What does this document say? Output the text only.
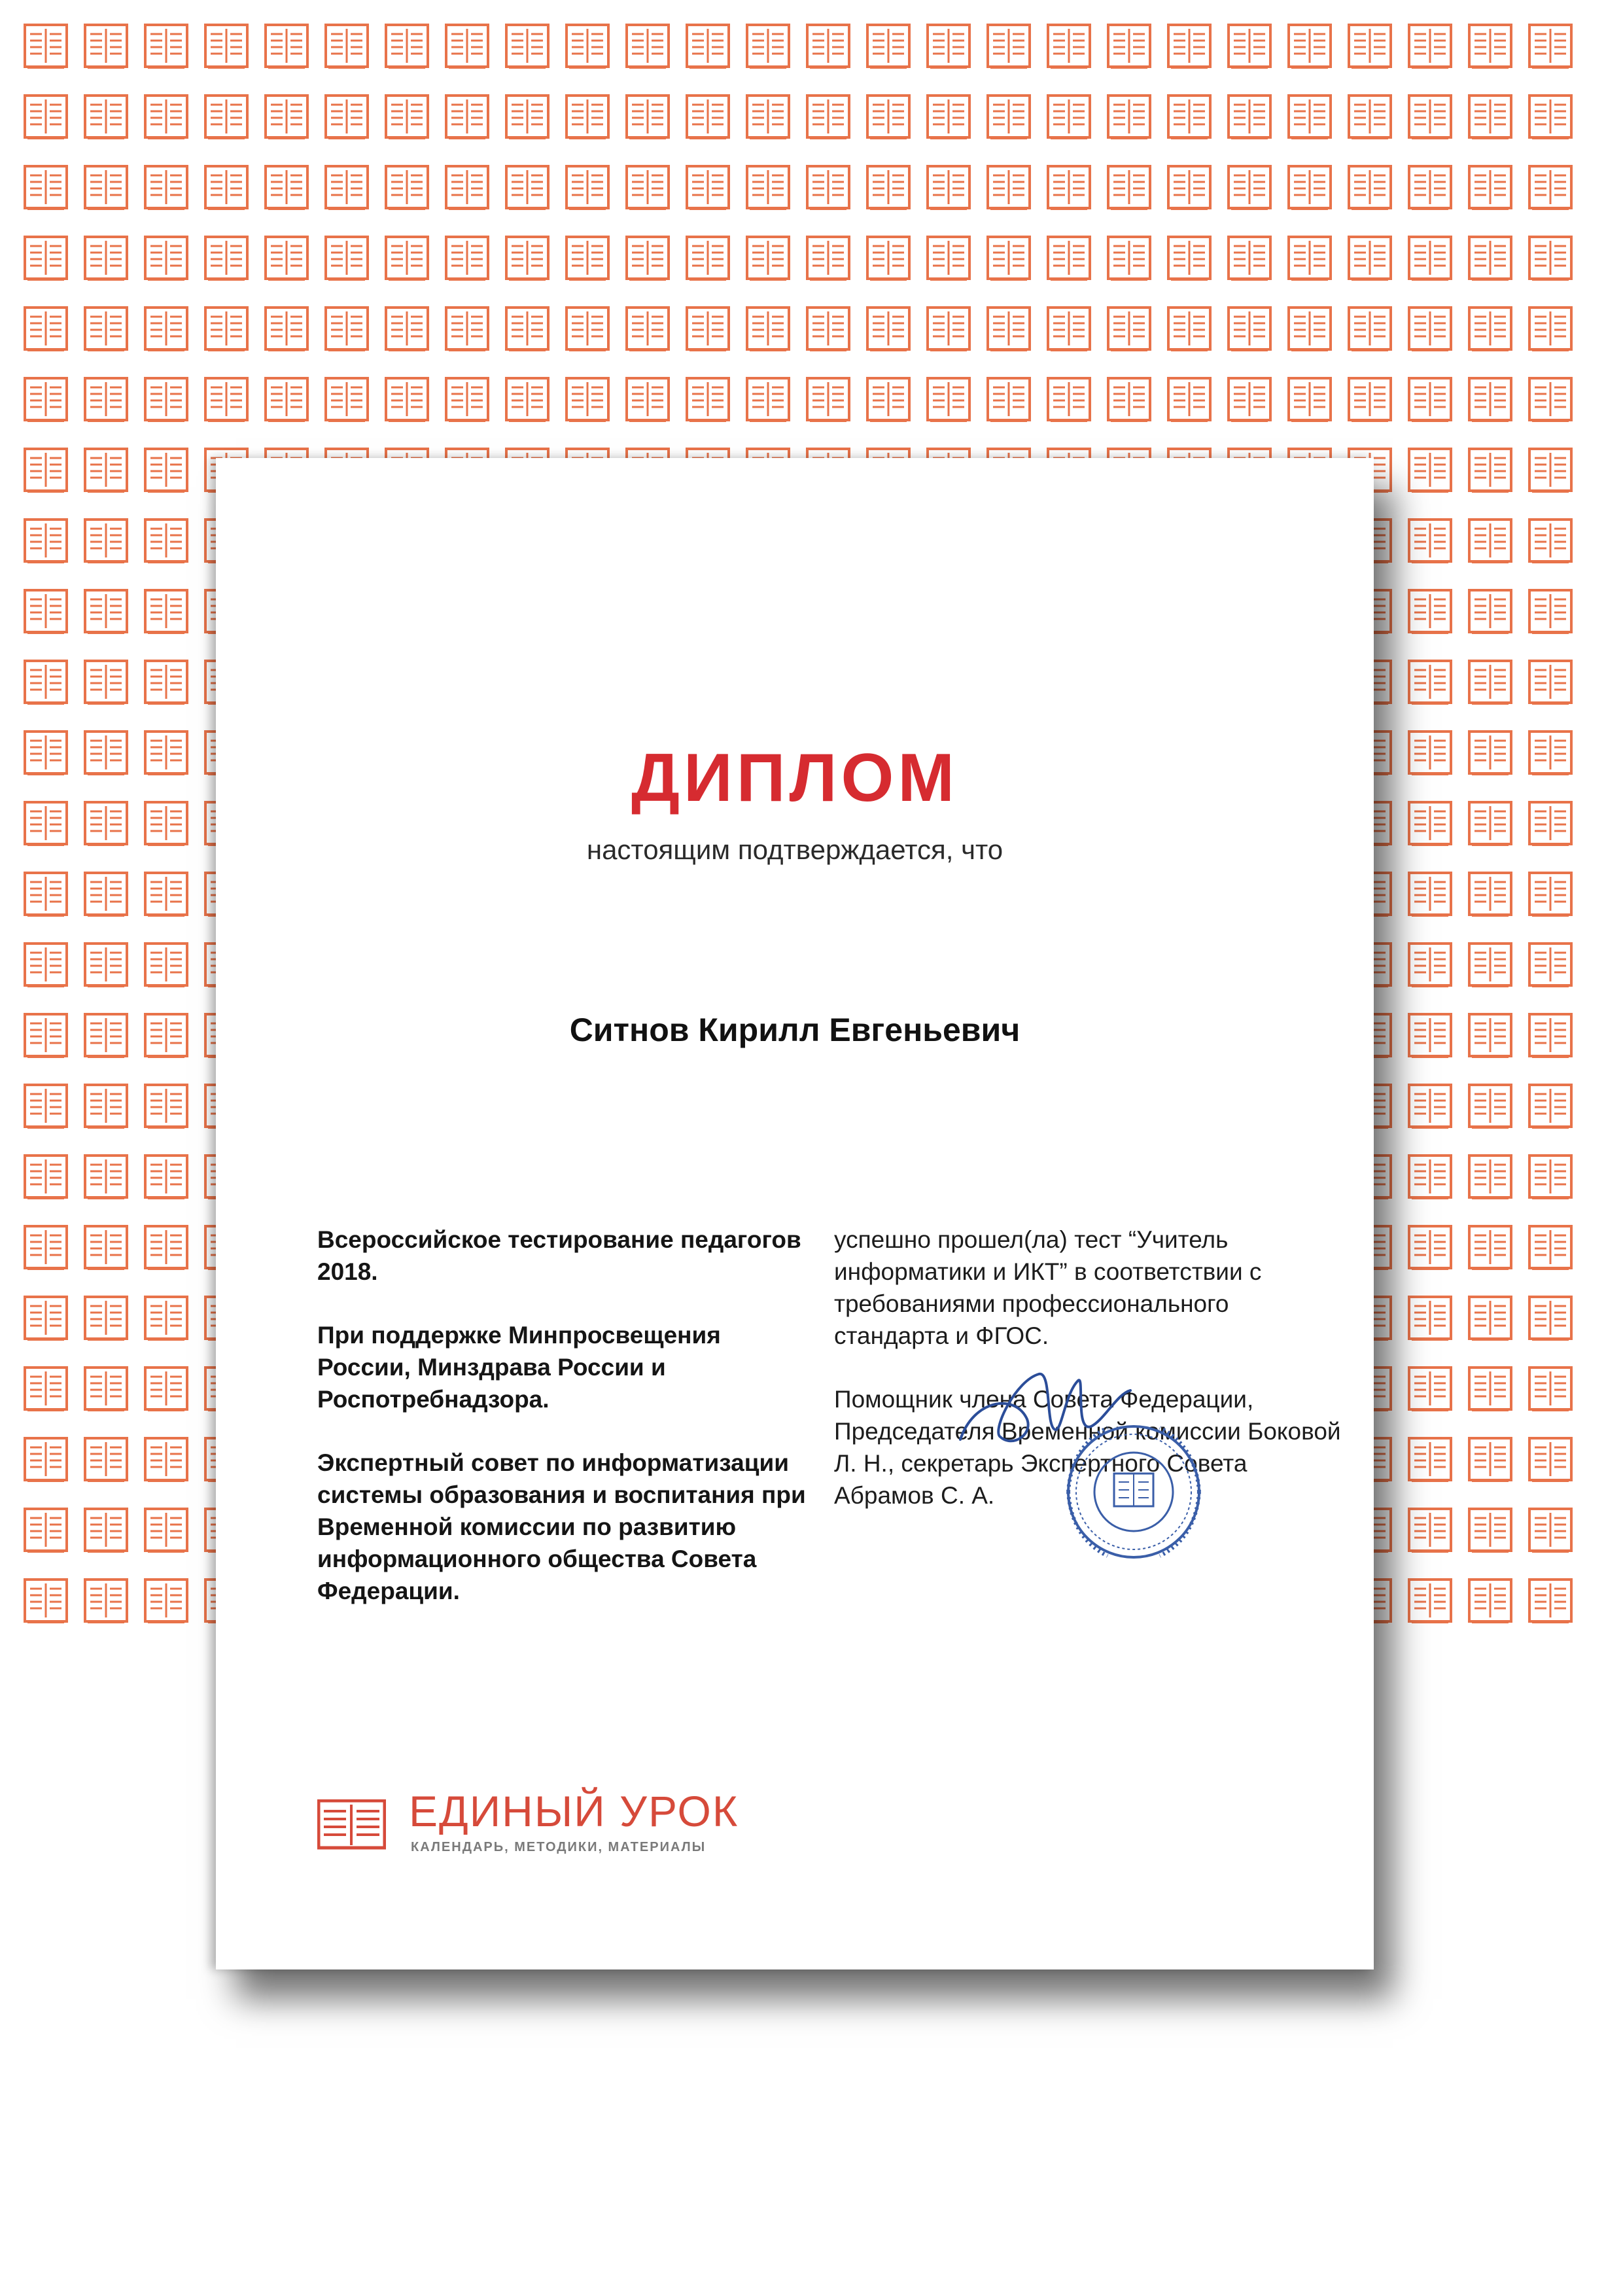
ДИПЛОМ
настоящим подтверждается, что
Ситнов Кирилл Евгеньевич

Всероссийское тестирование педагогов 2018.

При поддержке Минпросвещения России, Минздрава России и Роспотребнадзора.

Экспертный совет по информатизации системы образования и воспитания при Временной комиссии по развитию информационного общества Совета Федерации.

успешно прошел(ла) тест “Учитель информатики и ИКТ” в соответствии с требованиями профессионального стандарта и ФГОС.

Помощник члена Совета Федерации, Председателя Временной комиссии Боковой Л. Н., секретарь Экспертного Совета Абрамов С. А.

ЕДИНЫЙ УРОК
КАЛЕНДАРЬ, МЕТОДИКИ, МАТЕРИАЛЫ
